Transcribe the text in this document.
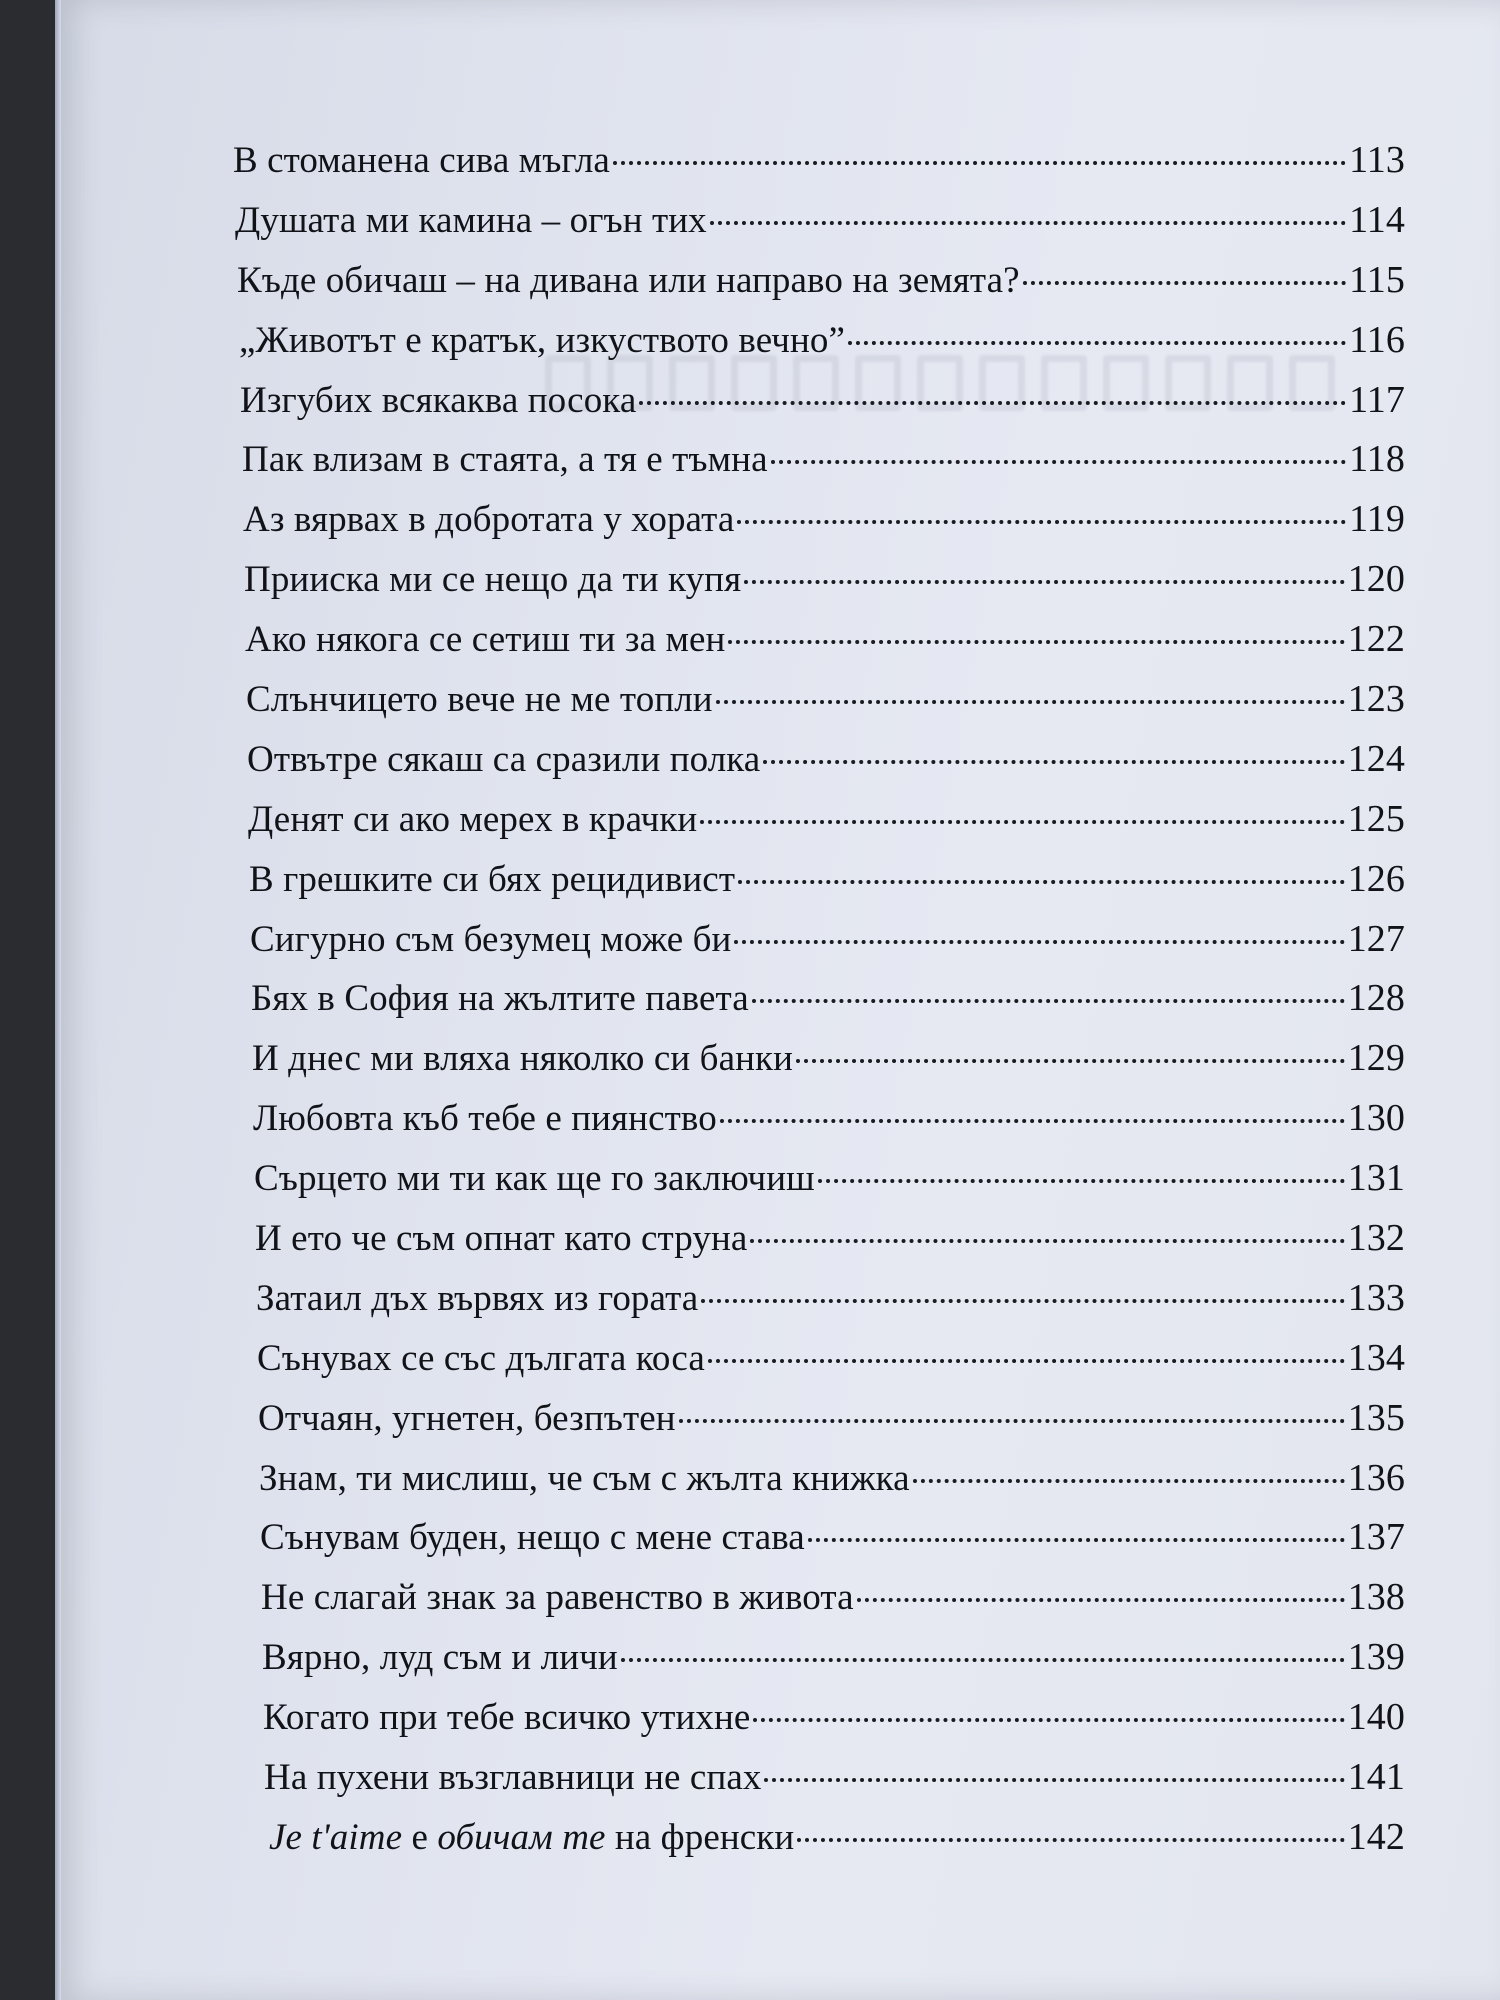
В стоманена сива мъгла	113
Душата ми камина – огън тих	114
Къде обичаш – на дивана или направо на земята?	115
„Животът е кратък, изкуството вечно”	116
Изгубих всякаква посока	117
Пак влизам в стаята, а тя е тъмна	118
Аз вярвах в добротата у хората	119
Прииска ми се нещо да ти купя	120
Ако някога се сетиш ти за мен	122
Слънчицето вече не ме топли	123
Отвътре сякаш са сразили полка	124
Денят си ако мерех в крачки	125
В грешките си бях рецидивист	126
Сигурно съм безумец може би	127
Бях в София на жълтите павета	128
И днес ми вляха няколко си банки	129
Любовта къб тебе е пиянство	130
Сърцето ми ти как ще го заключиш	131
И ето че съм опнат като струна	132
Затаил дъх вървях из гората	133
Сънувах се със дългата коса	134
Отчаян, угнетен, безпътен	135
Знам, ти мислиш, че съм с жълта книжка	136
Сънувам буден, нещо с мене става	137
Не слагай знак за равенство в живота	138
Вярно, луд съм и личи	139
Когато при тебе всичко утихне	140
На пухени възглавници не спах	141
Je t'aime е обичам те на френски	142
